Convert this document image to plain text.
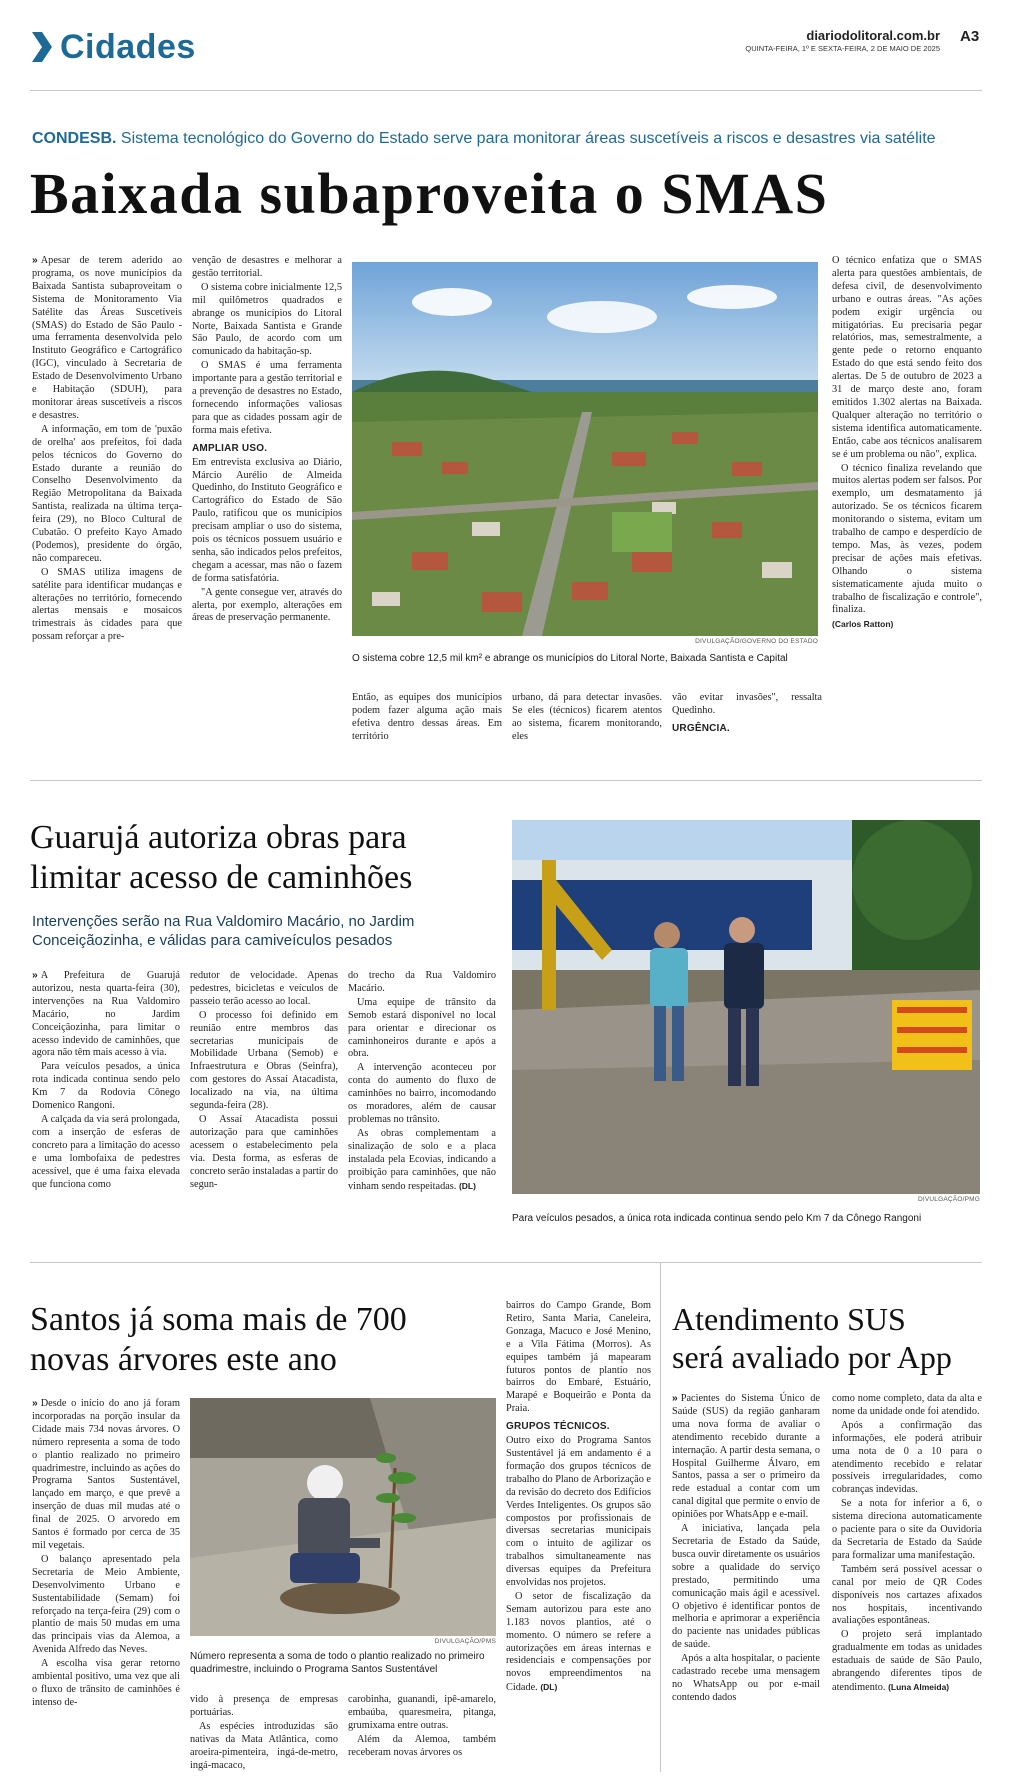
Cidades	diariodolitoral.com.br
QUINTA-FEIRA, 1º E SEXTA-FEIRA, 2 DE MAIO DE 2025
A3
CONDESB. Sistema tecnológico do Governo do Estado serve para monitorar áreas suscetíveis a riscos e desastres via satélite
Baixada subaproveita o SMAS

» Apesar de terem aderido ao programa, os nove municípios da Baixada Santista subaproveitam o Sistema de Monitoramento Via Satélite das Áreas Suscetíveis (SMAS) do Estado de São Paulo - uma ferramenta desenvolvida pelo Instituto Geográfico e Cartográfico (IGC), vinculado à Secretaria de Estado de Desenvolvimento Urbano e Habitação (SDUH), para monitorar áreas suscetíveis a riscos e desastres.

A informação, em tom de 'puxão de orelha' aos prefeitos, foi dada pelos técnicos do Governo do Estado durante a reunião do Conselho Desenvolvimento da Região Metropolitana da Baixada Santista, realizada na última terça-feira (29), no Bloco Cultural de Cubatão. O prefeito Kayo Amado (Podemos), presidente do órgão, não compareceu.

O SMAS utiliza imagens de satélite para identificar mudanças e alterações no território, fornecendo alertas mensais e mosaicos trimestrais às cidades para que possam reforçar a pre-

venção de desastres e melhorar a gestão territorial.

O sistema cobre inicialmente 12,5 mil quilômetros quadrados e abrange os municípios do Litoral Norte, Baixada Santista e Grande São Paulo, de acordo com um comunicado da habitação-sp.

O SMAS é uma ferramenta importante para a gestão territorial e a prevenção de desastres no Estado, fornecendo informações valiosas para que as cidades possam agir de forma mais efetiva.

AMPLIAR USO.

Em entrevista exclusiva ao Diário, Márcio Aurélio de Almeida Quedinho, do Instituto Geográfico e Cartográfico do Estado de São Paulo, ratificou que os municípios precisam ampliar o uso do sistema, pois os técnicos possuem usuário e senha, são indicados pelos prefeitos, chegam a acessar, mas não o fazem de forma satisfatória.

"A gente consegue ver, através do alerta, por exemplo, alterações em áreas de preservação permanente.

DIVULGAÇÃO/GOVERNO DO ESTADO
O sistema cobre 12,5 mil km² e abrange os municípios do Litoral Norte, Baixada Santista e Capital

Então, as equipes dos municípios podem fazer alguma ação mais efetiva dentro dessas áreas. Em território

urbano, dá para detectar invasões. Se eles (técnicos) ficarem atentos ao sistema, ficarem monitorando, eles

vão evitar invasões", ressalta Quedinho.

URGÊNCIA.

O técnico enfatiza que o SMAS alerta para questões ambientais, de defesa civil, de desenvolvimento urbano e outras áreas. "As ações podem exigir urgência ou mitigatórias. Eu precisaria pegar relatórios, mas, semestralmente, a gente pede o retorno enquanto Estado do que está sendo feito dos alertas. De 5 de outubro de 2023 a 31 de março deste ano, foram emitidos 1.302 alertas na Baixada. Qualquer alteração no território o sistema identifica automaticamente. Então, cabe aos técnicos analisarem se é um problema ou não", explica.

O técnico finaliza revelando que muitos alertas podem ser falsos. Por exemplo, um desmatamento já autorizado. Se os técnicos ficarem monitorando o sistema, evitam um trabalho de campo e desperdício de tempo. Mas, às vezes, podem precisar de ações mais efetivas. Olhando o sistema sistematicamente ajuda muito o trabalho de fiscalização e controle", finaliza.

(Carlos Ratton)
Guarujá autoriza obras para
limitar acesso de caminhões
Intervenções serão na Rua Valdomiro Macário, no Jardim Conceiçãozinha, e válidas para camiveículos pesados

» A Prefeitura de Guarujá autorizou, nesta quarta-feira (30), intervenções na Rua Valdomiro Macário, no Jardim Conceiçãozinha, para limitar o acesso indevido de caminhões, que agora não têm mais acesso à via.

Para veículos pesados, a única rota indicada continua sendo pelo Km 7 da Rodovia Cônego Domenico Rangoni.

A calçada da via será prolongada, com a inserção de esferas de concreto para a limitação do acesso e uma lombofaixa de pedestres acessível, que é uma faixa elevada que funciona como

redutor de velocidade. Apenas pedestres, bicicletas e veículos de passeio terão acesso ao local.

O processo foi definido em reunião entre membros das secretarias municipais de Mobilidade Urbana (Semob) e Infraestrutura e Obras (Seinfra), com gestores do Assaí Atacadista, localizado na via, na última segunda-feira (28).

O Assaí Atacadista possui autorização para que caminhões acessem o estabelecimento pela via. Desta forma, as esferas de concreto serão instaladas a partir do segun-

do trecho da Rua Valdomiro Macário.

Uma equipe de trânsito da Semob estará disponível no local para orientar e direcionar os caminhoneiros durante e após a obra.

A intervenção aconteceu por conta do aumento do fluxo de caminhões no bairro, incomodando os moradores, além de causar problemas no trânsito.

As obras complementam a sinalização de solo e a placa instalada pela Ecovias, indicando a proibição para caminhões, que não vinham sendo respeitadas. (DL)

DIVULGAÇÃO/PMG
Para veículos pesados, a única rota indicada continua sendo pelo Km 7 da Cônego Rangoni
Santos já soma mais de 700
novas árvores este ano

» Desde o início do ano já foram incorporadas na porção insular da Cidade mais 734 novas árvores. O número representa a soma de todo o plantio realizado no primeiro quadrimestre, incluindo as ações do Programa Santos Sustentável, lançado em março, e que prevê a inserção de duas mil mudas até o final de 2025. O arvoredo em Santos é formado por cerca de 35 mil vegetais.

O balanço apresentado pela Secretaria de Meio Ambiente, Desenvolvimento Urbano e Sustentabilidade (Semam) foi reforçado na terça-feira (29) com o plantio de mais 50 mudas em uma das principais vias da Alemoa, a Avenida Alfredo das Neves.

A escolha visa gerar retorno ambiental positivo, uma vez que ali o fluxo de trânsito de caminhões é intenso de-

DIVULGAÇÃO/PMS
Número representa a soma de todo o plantio realizado no primeiro quadrimestre, incluindo o Programa Santos Sustentável

vido à presença de empresas portuárias.

As espécies introduzidas são nativas da Mata Atlântica, como aroeira-pimenteira, ingá-de-metro, ingá-macaco,

carobinha, guanandi, ipê-amarelo, embaúba, quaresmeira, pitanga, grumixama entre outras.

Além da Alemoa, também receberam novas árvores os

bairros do Campo Grande, Bom Retiro, Santa Maria, Caneleira, Gonzaga, Macuco e José Menino, e a Vila Fátima (Morros). As equipes também já mapearam futuros pontos de plantio nos bairros do Embaré, Estuário, Marapé e Boqueirão e Ponta da Praia.

GRUPOS TÉCNICOS.

Outro eixo do Programa Santos Sustentável já em andamento é a formação dos grupos técnicos de trabalho do Plano de Arborização e da revisão do decreto dos Edifícios Verdes Inteligentes. Os grupos são compostos por profissionais de diversas secretarias municipais com o intuito de agilizar os trabalhos simultaneamente nas diversas equipes da Prefeitura envolvidas nos projetos.

O setor de fiscalização da Semam autorizou para este ano 1.183 novos plantios, até o momento. O número se refere a autorizações em áreas internas e residenciais e compensações por novos empreendimentos na Cidade. (DL)

Atendimento SUS
será avaliado por App

» Pacientes do Sistema Único de Saúde (SUS) da região ganharam uma nova forma de avaliar o atendimento recebido durante a internação. A partir desta semana, o Hospital Guilherme Álvaro, em Santos, passa a ser o primeiro da rede estadual a contar com um canal digital que permite o envio de opiniões por WhatsApp e e-mail.

A iniciativa, lançada pela Secretaria de Estado da Saúde, busca ouvir diretamente os usuários sobre a qualidade do serviço prestado, permitindo uma comunicação mais ágil e acessível. O objetivo é identificar pontos de melhoria e aprimorar a experiência do paciente nas unidades públicas de saúde.

Após a alta hospitalar, o paciente cadastrado recebe uma mensagem no WhatsApp ou por e-mail contendo dados

como nome completo, data da alta e nome da unidade onde foi atendido.

Após a confirmação das informações, ele poderá atribuir uma nota de 0 a 10 para o atendimento recebido e relatar possíveis irregularidades, como cobranças indevidas.

Se a nota for inferior a 6, o sistema direciona automaticamente o paciente para o site da Ouvidoria da Secretaria de Estado da Saúde para formalizar uma manifestação.

Também será possível acessar o canal por meio de QR Codes disponíveis nos cartazes afixados nos hospitais, incentivando avaliações espontâneas.

O projeto será implantado gradualmente em todas as unidades estaduais de saúde de São Paulo, abrangendo diferentes tipos de atendimento. (Luna Almeida)
